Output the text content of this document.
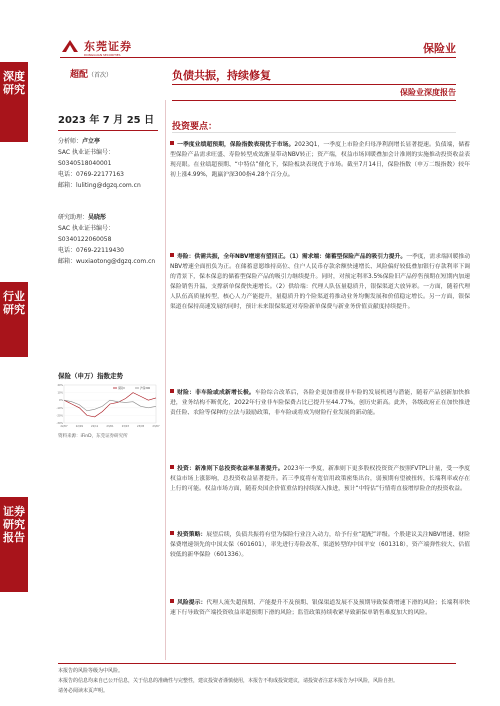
东莞证券
DONGGUAN SECURITIES	保险业
深度研究
行业研究
证券研究报告
超配（首次）	负债共振，持续修复
保险业深度报告
2023 年 7 月 25 日
分析师：卢立亭
SAC 执业证书编号：
S0340518040001
电话：0769-22177163
邮箱：luliting@dgzq.com.cn
研究助理：吴晓彤
SAC 执业证书编号：
S0340122060058
电话：0769-22119430
邮箱：wuxiaotong@dgzq.com.cn
保险（申万）指数走势
-30%
-20%
-10%
0%
10%
20%
22/07	22/09	22/11	23/01	23/03	23/05	23/07
保险II	沪深300
资料来源：iFinD，东莞证券研究所
投资要点：
一季度业绩超预期，保险指数表现优于市场。2023Q1，一季度上市险企归母净利润增长显著提速。负债端，储蓄型保险产品需求旺盛、寿险转型成效渐显带动NBV转正；资产端，权益市场回暖叠加会计准则的实施推动投资收益表现亮眼。在业绩超预期、“中特估”催化下，保险板块表现优于市场。截至7月14日，保险指数（申万二级指数）较年初上涨4.99%，跑赢沪深300指4.28个百分点。
寿险：供需共振，全年NBV增速有望回正。（1）需求端：储蓄型保险产品的吸引力提升。一季度，需求端回暖推动NBV增速全面扭负为正。在储蓄意愿维持高位、住户人民币存款余额快速增长、风险偏好较低叠加银行存款利率下调的背景下，保本保息的储蓄型保险产品的吸引力继续提升。同时，对预定利率3.5%保险旧产品停售预期在短期内加速保险销售升温，支撑新单保费快速增长。（2）供给端：代理人队伍量稳质升，银保渠道大放异彩。一方面，随着代理人队伍高质量转型，核心人力产能提升，量稳质升的个险渠道将推动业务均衡发展和价值稳定增长。另一方面，银保渠道在保持高速发展的同时，预计未来银保渠道对寿险新单保费与新业务价值贡献度持续提升。
财险：非车险或成新增长极。车险综合改革后，各险企更加重视非车险的发展机遇与潜能，随着产品创新加快推进，业务结构不断优化，2022年行业非车险保费占比已提升至44.77%，创历史新高。此外，各级政府正在加快推进责任险、农险等保种的立法与鼓励政策，非车险或将成为财险行业发展的新动能。
投资：新准则下总投资收益率显著提升。2023年一季度，新准则下更多股权投资资产按照FVTPL计量，受一季度权益市场上涨影响，总投资收益显著提升。若三季度将有宽信用政策密集出台，弱预期有望被扭转，长端利率或存在上行的可能。权益市场方面，随着央国企价值重估的持续深入推进，预计“中特估”行情将直接增厚险企的投资收益。
投资策略：展望后续，负债共振将有望为保险行业注入动力，给予行业“超配”评级。个股建议关注NBV增速、财险保费增速领先的中国太保（601601），率先进行寿险改革、渠道转型的中国平安（601318），资产端弹性较大、估值较低的新华保险（601336）。
风险提示：代理人流失超预期、产能提升不及预期、银保渠道发展不及预期导致保费增速下滑的风险；长端利率快速下行导致资产端投资收益率超预期下滑的风险；监管政策持续收紧导致新保单销售难度加大的风险。
本报告的风险等级为中风险。
本报告的信息均来自已公开信息，关于信息的准确性与完整性，建议投资者谨慎使用，本报告不构成投资建议，请投资者注意本报告为中风险，风险自担。
请务必阅读末页声明。
